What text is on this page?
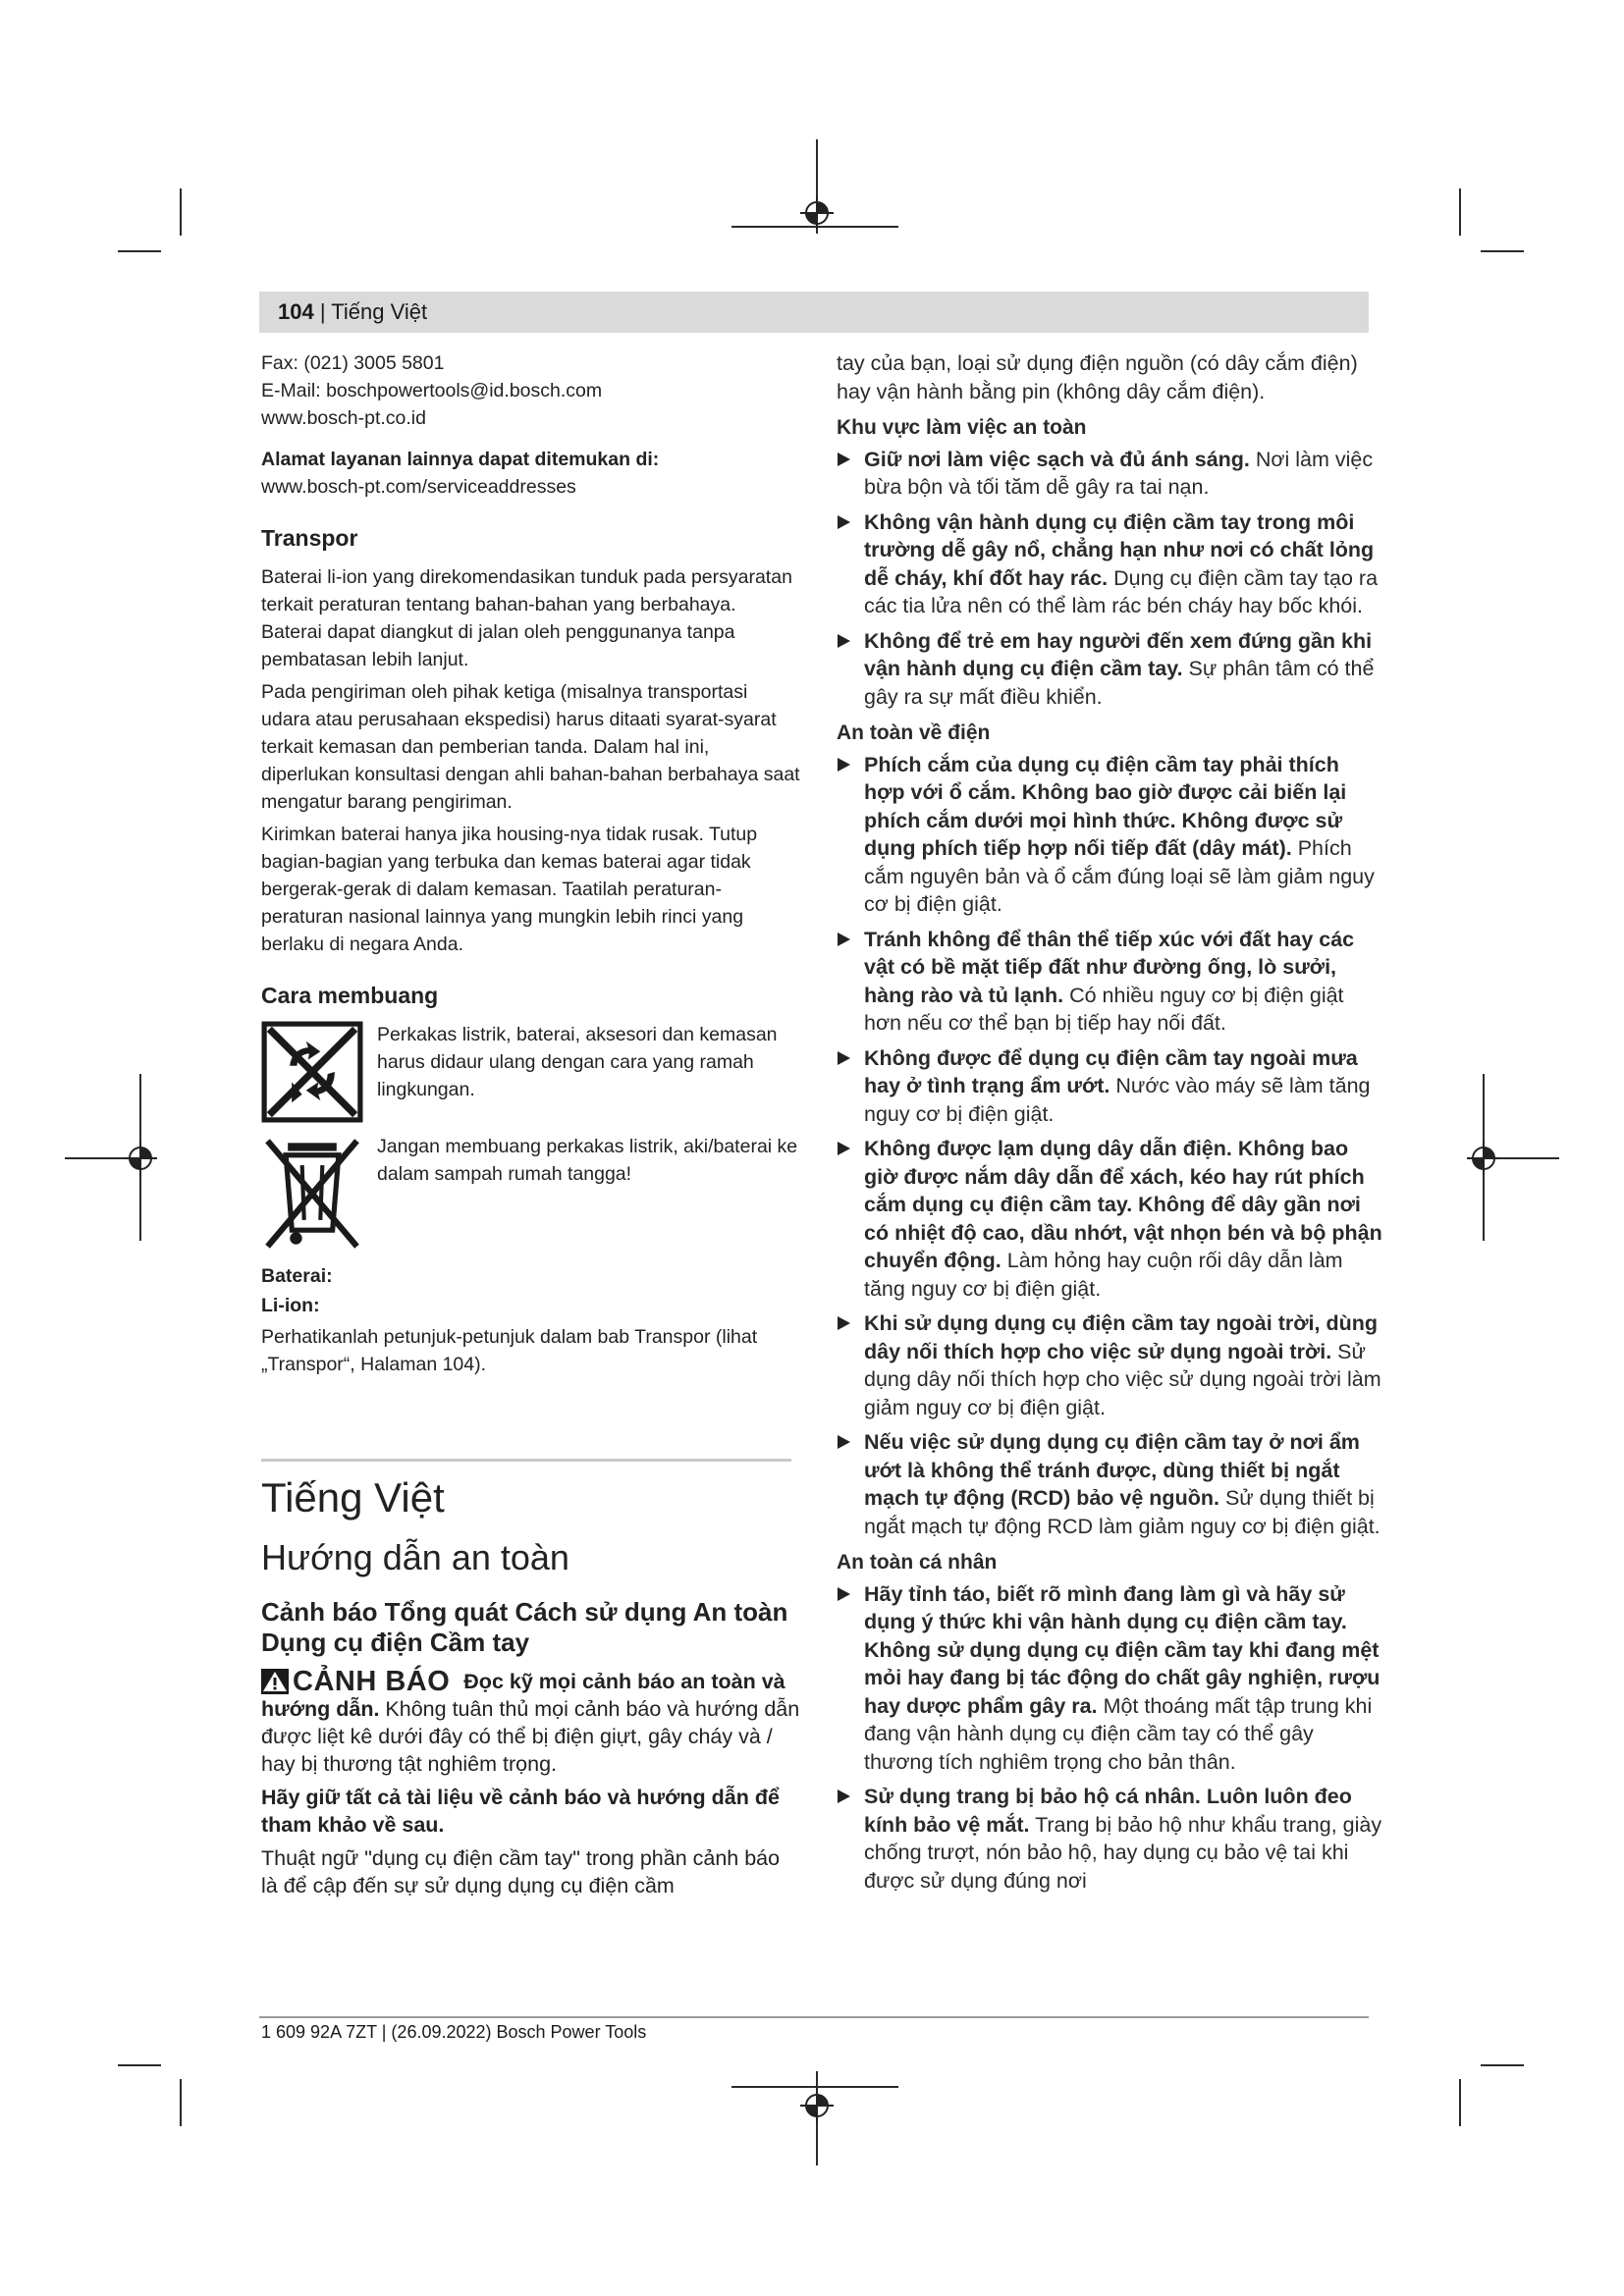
104 | Tiếng Việt

Fax: (021) 3005 5801

E-Mail: boschpowertools@id.bosch.com

www.bosch-pt.co.id

Alamat layanan lainnya dapat ditemukan di:

www.bosch-pt.com/serviceaddresses

Transpor

Baterai li-ion yang direkomendasikan tunduk pada persyaratan terkait peraturan tentang bahan-bahan yang berbahaya. Baterai dapat diangkut di jalan oleh penggunanya tanpa pembatasan lebih lanjut.

Pada pengiriman oleh pihak ketiga (misalnya transportasi udara atau perusahaan ekspedisi) harus ditaati syarat-syarat terkait kemasan dan pemberian tanda. Dalam hal ini, diperlukan konsultasi dengan ahli bahan-bahan berbahaya saat mengatur barang pengiriman.

Kirimkan baterai hanya jika housing-nya tidak rusak. Tutup bagian-bagian yang terbuka dan kemas baterai agar tidak bergerak-gerak di dalam kemasan. Taatilah peraturan-peraturan nasional lainnya yang mungkin lebih rinci yang berlaku di negara Anda.

Cara membuang

Perkakas listrik, baterai, aksesori dan kemasan harus didaur ulang dengan cara yang ramah lingkungan.
Jangan membuang perkakas listrik, aki/baterai ke dalam sampah rumah tangga!

Baterai:

Li-ion:

Perhatikanlah petunjuk-petunjuk dalam bab Transpor (lihat „Transpor“, Halaman 104).

Tiếng Việt
Hướng dẫn an toàn
Cảnh báo Tổng quát Cách sử dụng An toàn Dụng cụ điện Cầm tay
CẢNH BÁO Đọc kỹ mọi cảnh báo an toàn và hướng dẫn. Không tuân thủ mọi cảnh báo và hướng dẫn được liệt kê dưới đây có thể bị điện giựt, gây cháy và / hay bị thương tật nghiêm trọng.

Hãy giữ tất cả tài liệu về cảnh báo và hướng dẫn để tham khảo về sau.

Thuật ngữ "dụng cụ điện cầm tay" trong phần cảnh báo là để cập đến sự sử dụng dụng cụ điện cầm

tay của bạn, loại sử dụng điện nguồn (có dây cắm điện) hay vận hành bằng pin (không dây cắm điện).

Khu vực làm việc an toàn

Giữ nơi làm việc sạch và đủ ánh sáng. Nơi làm việc bừa bộn và tối tăm dễ gây ra tai nạn.
Không vận hành dụng cụ điện cầm tay trong môi trường dễ gây nổ, chẳng hạn như nơi có chất lỏng dễ cháy, khí đốt hay rác. Dụng cụ điện cầm tay tạo ra các tia lửa nên có thể làm rác bén cháy hay bốc khói.
Không để trẻ em hay người đến xem đứng gần khi vận hành dụng cụ điện cầm tay. Sự phân tâm có thể gây ra sự mất điều khiển.

An toàn về điện

Phích cắm của dụng cụ điện cầm tay phải thích hợp với ổ cắm. Không bao giờ được cải biến lại phích cắm dưới mọi hình thức. Không được sử dụng phích tiếp hợp nối tiếp đất (dây mát). Phích cắm nguyên bản và ổ cắm đúng loại sẽ làm giảm nguy cơ bị điện giật.
Tránh không để thân thể tiếp xúc với đất hay các vật có bề mặt tiếp đất như đường ống, lò sưởi, hàng rào và tủ lạnh. Có nhiều nguy cơ bị điện giật hơn nếu cơ thể bạn bị tiếp hay nối đất.
Không được để dụng cụ điện cầm tay ngoài mưa hay ở tình trạng ẩm ướt. Nước vào máy sẽ làm tăng nguy cơ bị điện giật.
Không được lạm dụng dây dẫn điện. Không bao giờ được nắm dây dẫn để xách, kéo hay rút phích cắm dụng cụ điện cầm tay. Không để dây gần nơi có nhiệt độ cao, dầu nhớt, vật nhọn bén và bộ phận chuyển động. Làm hỏng hay cuộn rối dây dẫn làm tăng nguy cơ bị điện giật.
Khi sử dụng dụng cụ điện cầm tay ngoài trời, dùng dây nối thích hợp cho việc sử dụng ngoài trời. Sử dụng dây nối thích hợp cho việc sử dụng ngoài trời làm giảm nguy cơ bị điện giật.
Nếu việc sử dụng dụng cụ điện cầm tay ở nơi ẩm ướt là không thể tránh được, dùng thiết bị ngắt mạch tự động (RCD) bảo vệ nguồn. Sử dụng thiết bị ngắt mạch tự động RCD làm giảm nguy cơ bị điện giật.

An toàn cá nhân

Hãy tỉnh táo, biết rõ mình đang làm gì và hãy sử dụng ý thức khi vận hành dụng cụ điện cầm tay. Không sử dụng dụng cụ điện cầm tay khi đang mệt mỏi hay đang bị tác động do chất gây nghiện, rượu hay dược phẩm gây ra. Một thoáng mất tập trung khi đang vận hành dụng cụ điện cầm tay có thể gây thương tích nghiêm trọng cho bản thân.
Sử dụng trang bị bảo hộ cá nhân. Luôn luôn đeo kính bảo vệ mắt. Trang bị bảo hộ như khẩu trang, giày chống trượt, nón bảo hộ, hay dụng cụ bảo vệ tai khi được sử dụng đúng nơi
1 609 92A 7ZT | (26.09.2022) Bosch Power Tools
